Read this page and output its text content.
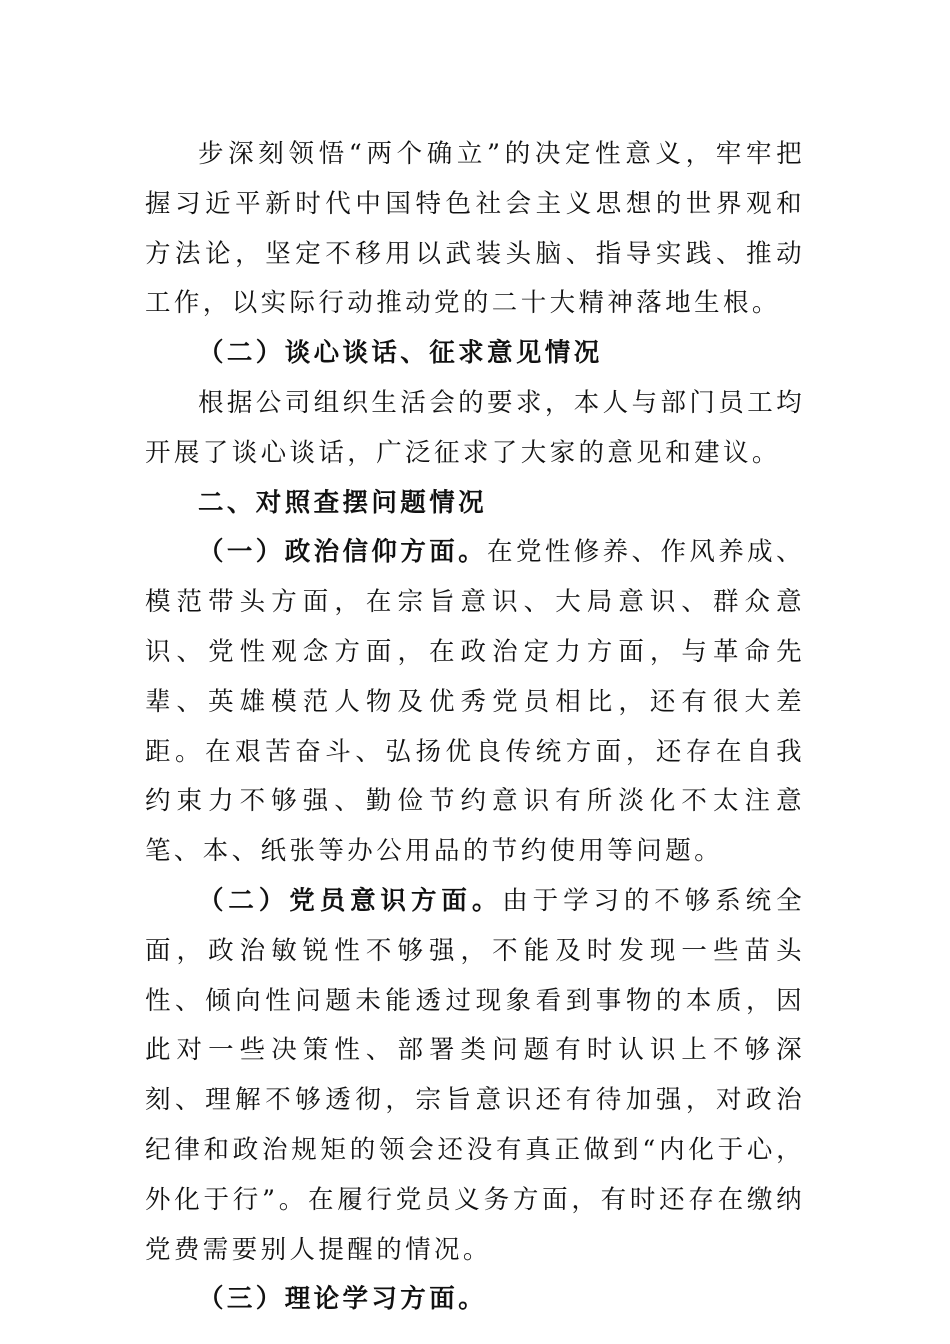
步深刻领悟“两个确立”的决定性意义，牢牢把握习近平新时代中国特色社会主义思想的世界观和方法论，坚定不移用以武装头脑、指导实践、推动工作，以实际行动推动党的二十大精神落地生根。

（二）谈心谈话、征求意见情况

根据公司组织生活会的要求，本人与部门员工均开展了谈心谈话，广泛征求了大家的意见和建议。

二、对照查摆问题情况

（一）政治信仰方面。在党性修养、作风养成、模范带头方面，在宗旨意识、大局意识、群众意识、党性观念方面，在政治定力方面，与革命先辈、英雄模范人物及优秀党员相比，还有很大差距。在艰苦奋斗、弘扬优良传统方面，还存在自我约束力不够强、勤俭节约意识有所淡化不太注意笔、本、纸张等办公用品的节约使用等问题。

（二）党员意识方面。由于学习的不够系统全面，政治敏锐性不够强，不能及时发现一些苗头性、倾向性问题未能透过现象看到事物的本质，因此对一些决策性、部署类问题有时认识上不够深刻、理解不够透彻，宗旨意识还有待加强，对政治纪律和政治规矩的领会还没有真正做到“内化于心，外化于行”。在履行党员义务方面，有时还存在缴纳党费需要别人提醒的情况。

（三）理论学习方面。
